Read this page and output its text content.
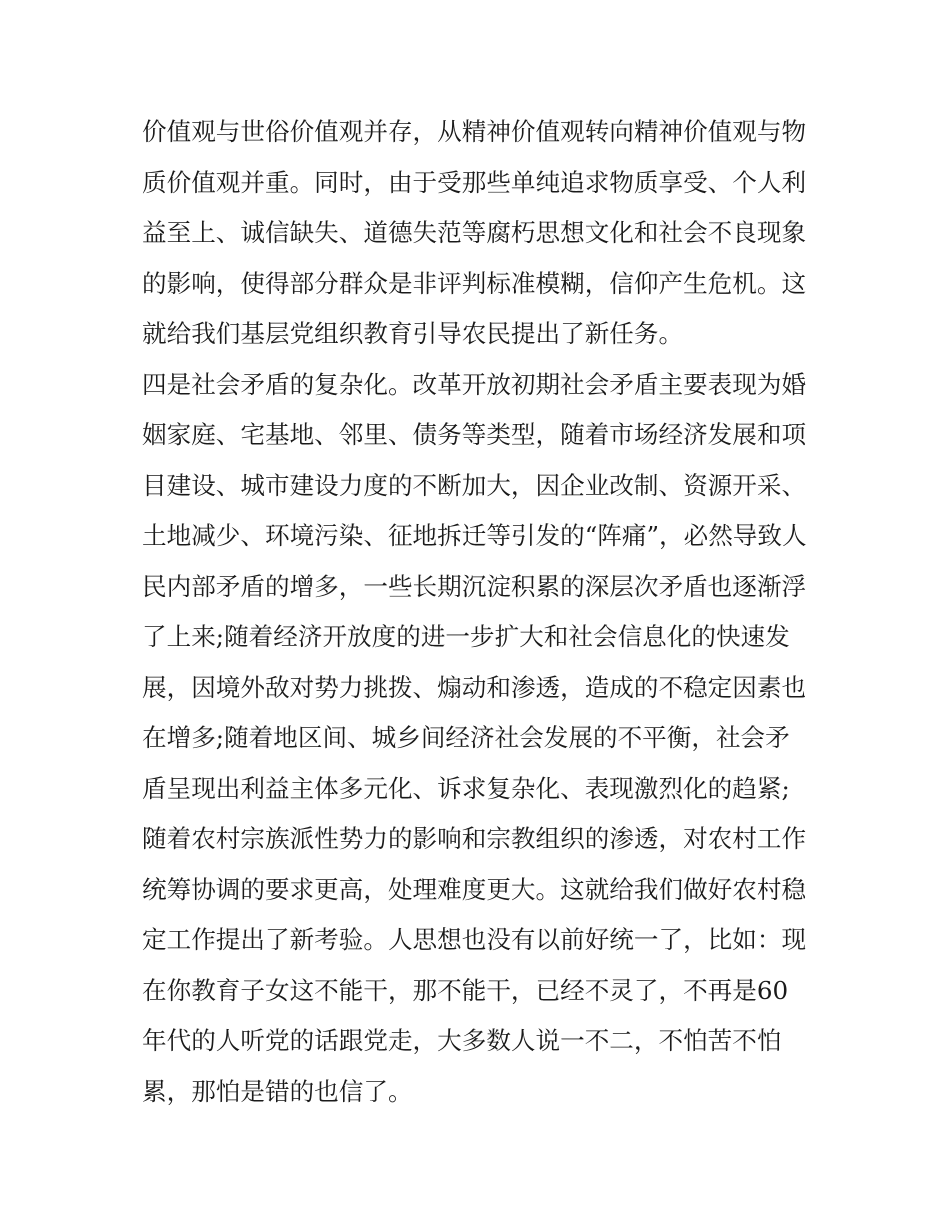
价值观与世俗价值观并存，从精神价值观转向精神价值观与物
质价值观并重。同时，由于受那些单纯追求物质享受、个人利
益至上、诚信缺失、道德失范等腐朽思想文化和社会不良现象
的影响，使得部分群众是非评判标准模糊，信仰产生危机。这
就给我们基层党组织教育引导农民提出了新任务。
四是社会矛盾的复杂化。改革开放初期社会矛盾主要表现为婚
姻家庭、宅基地、邻里、债务等类型，随着市场经济发展和项
目建设、城市建设力度的不断加大，因企业改制、资源开采、
土地减少、环境污染、征地拆迁等引发的“阵痛”，必然导致人
民内部矛盾的增多，一些长期沉淀积累的深层次矛盾也逐渐浮
了上来;随着经济开放度的进一步扩大和社会信息化的快速发
展，因境外敌对势力挑拨、煽动和渗透，造成的不稳定因素也
在增多;随着地区间、城乡间经济社会发展的不平衡，社会矛
盾呈现出利益主体多元化、诉求复杂化、表现激烈化的趋紧;
随着农村宗族派性势力的影响和宗教组织的渗透，对农村工作
统筹协调的要求更高，处理难度更大。这就给我们做好农村稳
定工作提出了新考验。人思想也没有以前好统一了，比如：现
在你教育子女这不能干，那不能干，已经不灵了，不再是60
年代的人听党的话跟党走，大多数人说一不二，不怕苦不怕
累，那怕是错的也信了。
